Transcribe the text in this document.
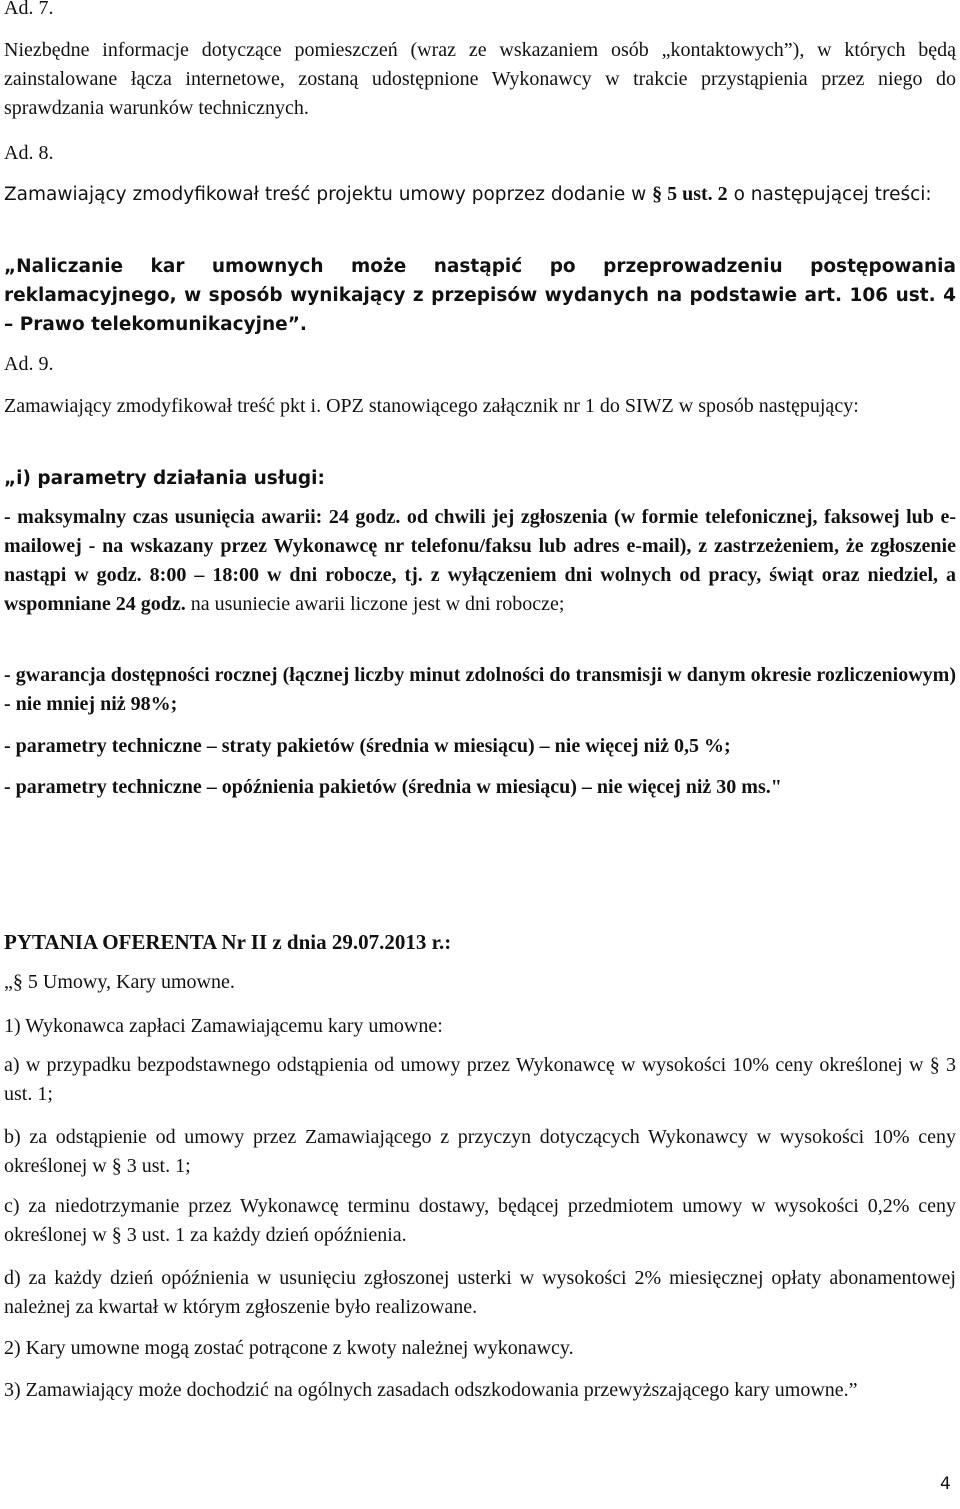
Ad. 7.

Niezbędne informacje dotyczące pomieszczeń (wraz ze wskazaniem osób „kontaktowych”), w których będą zainstalowane łącza internetowe, zostaną udostępnione Wykonawcy w trakcie przystąpienia przez niego do sprawdzania warunków technicznych.

Ad. 8.

Zamawiający zmodyfikował treść projektu umowy poprzez dodanie w § 5 ust. 2 o następującej treści:

„Naliczanie kar umownych może nastąpić po przeprowadzeniu postępowania reklamacyjnego, w sposób wynikający z przepisów wydanych na podstawie art. 106 ust. 4 – Prawo telekomunikacyjne”.

Ad. 9.

Zamawiający zmodyfikował treść pkt i. OPZ stanowiącego załącznik nr 1 do SIWZ w sposób następujący:

„i) parametry działania usługi:

- maksymalny czas usunięcia awarii: 24 godz. od chwili jej zgłoszenia (w formie telefonicznej, faksowej lub e-mailowej - na wskazany przez Wykonawcę nr telefonu/faksu lub adres e-mail), z zastrzeżeniem, że zgłoszenie nastąpi w godz. 8:00 – 18:00 w dni robocze, tj. z wyłączeniem dni wolnych od pracy, świąt oraz niedziel, a wspomniane 24 godz. na usuniecie awarii liczone jest w dni robocze;

- gwarancja dostępności rocznej (łącznej liczby minut zdolności do transmisji w danym okresie rozliczeniowym) - nie mniej niż 98%;

- parametry techniczne – straty pakietów (średnia w miesiącu) – nie więcej niż 0,5 %;

- parametry techniczne – opóźnienia pakietów (średnia w miesiącu) – nie więcej niż 30 ms."

PYTANIA OFERENTA Nr II z dnia 29.07.2013 r.:
„§ 5 Umowy, Kary umowne.
1) Wykonawca zapłaci Zamawiającemu kary umowne:

a) w przypadku bezpodstawnego odstąpienia od umowy przez Wykonawcę w wysokości 10% ceny określonej w § 3 ust. 1;

b) za odstąpienie od umowy przez Zamawiającego z przyczyn dotyczących Wykonawcy w wysokości 10% ceny określonej w § 3 ust. 1;

c) za niedotrzymanie przez Wykonawcę terminu dostawy, będącej przedmiotem umowy w wysokości 0,2% ceny określonej w § 3 ust. 1 za każdy dzień opóźnienia.

d) za każdy dzień opóźnienia w usunięciu zgłoszonej usterki w wysokości 2% miesięcznej opłaty abonamentowej należnej za kwartał w którym zgłoszenie było realizowane.

2) Kary umowne mogą zostać potrącone z kwoty należnej wykonawcy.

3) Zamawiający może dochodzić na ogólnych zasadach odszkodowania przewyższającego kary umowne.”

4
